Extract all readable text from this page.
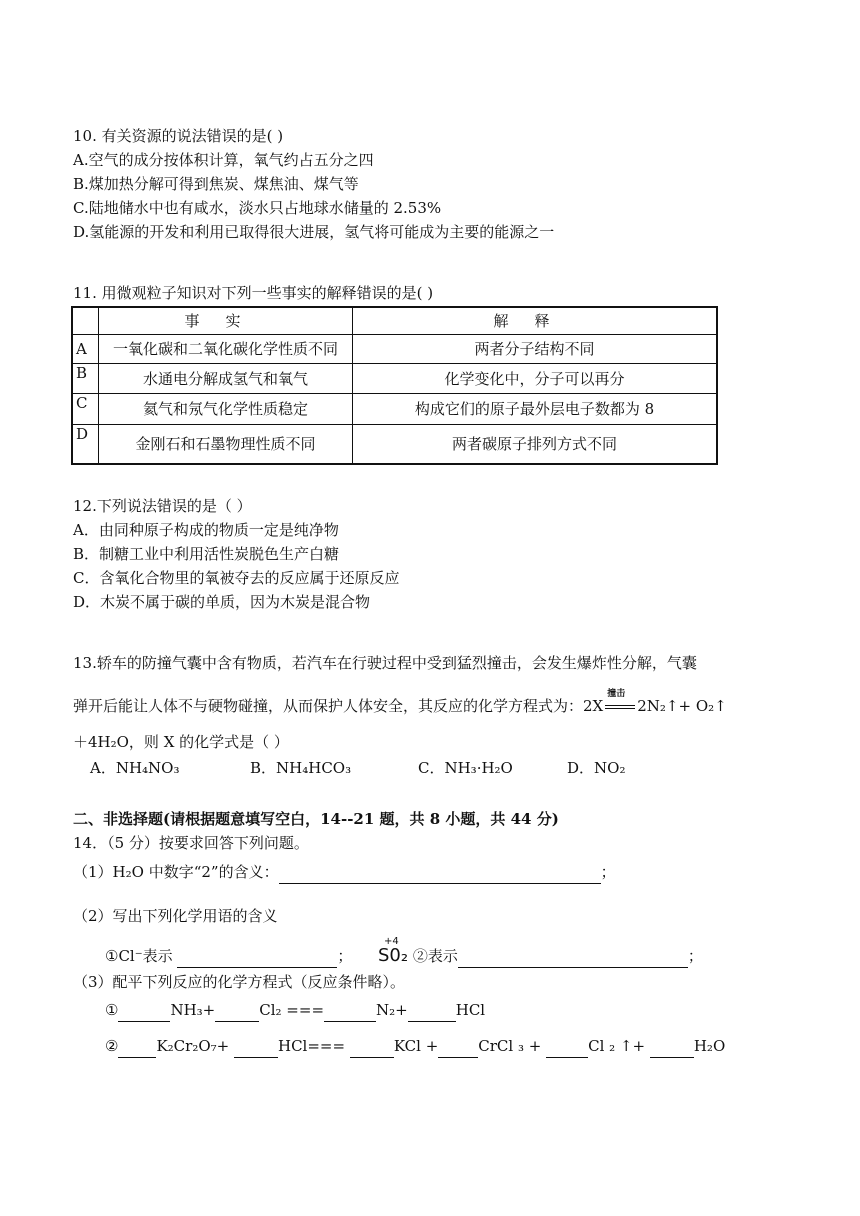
10. 有关资源的说法错误的是( )
A.空气的成分按体积计算，氧气约占五分之四
B.煤加热分解可得到焦炭、煤焦油、煤气等
C.陆地储水中也有咸水，淡水只占地球水储量的 2.53%
D.氢能源的开发和利用已取得很大进展，氢气将可能成为主要的能源之一
11. 用微观粒子知识对下列一些事实的解释错误的是( )
	事实	解释
A	一氧化碳和二氧化碳化学性质不同	两者分子结构不同
B	水通电分解成氢气和氧气	化学变化中，分子可以再分
C	氦气和氖气化学性质稳定	构成它们的原子最外层电子数都为 8
D	金刚石和石墨物理性质不同	两者碳原子排列方式不同
12.下列说法错误的是（ ）
A．由同种原子构成的物质一定是纯净物
B．制糖工业中利用活性炭脱色生产白糖
C．含氧化合物里的氧被夺去的反应属于还原反应
D．木炭不属于碳的单质，因为木炭是混合物
13.轿车的防撞气囊中含有物质，若汽车在行驶过程中受到猛烈撞击，会发生爆炸性分解，气囊
弹开后能让人体不与硬物碰撞，从而保护人体安全，其反应的化学方程式为：2X
撞击
2N₂↑+ O₂↑
＋4H₂O，则 X 的化学式是（ ）
A．NH₄NO₃	B．NH₄HCO₃	C．NH₃·H₂O	D．NO₂
二、非选择题(请根据题意填写空白，14--21 题，共 8 小题，共 44 分)
14．（5 分）按要求回答下列问题。
（1）H₂O 中数字“2”的含义：	；
（2）写出下列化学用语的含义
①Cl⁻表示	；
+4
S0₂ ②表示	；
（3）配平下列反应的化学方程式（反应条件略）。
①	NH₃+	Cl₂ ===	N₂+	HCl
②	K₂Cr₂O₇+	HCl===	KCl +	CrCl ₃ +	Cl ₂ ↑+	H₂O
